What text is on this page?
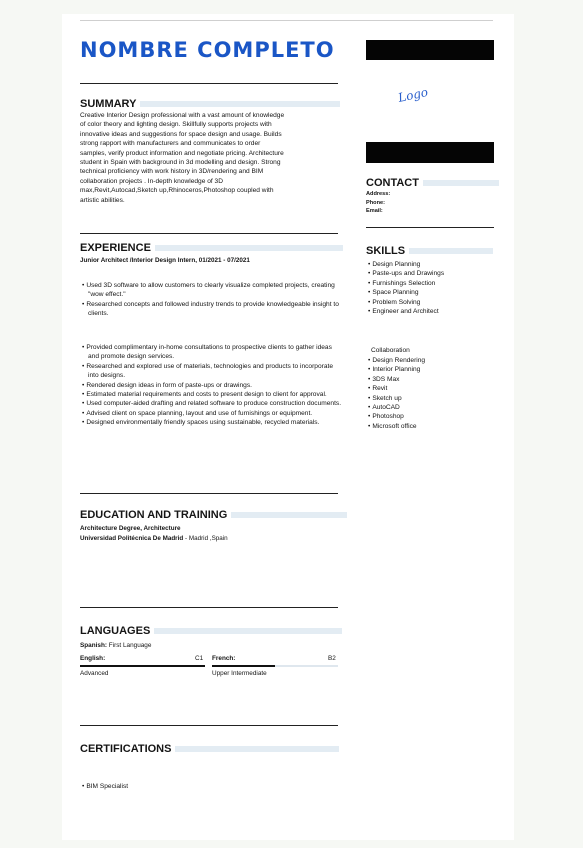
NOMBRE COMPLETO
Logo
SUMMARY
Creative Interior Design professional with a vast amount of knowledge
of color theory and lighting design. Skillfully supports projects with
innovative ideas and suggestions for space design and usage. Builds
strong rapport with manufacturers and communicates to order
samples, verify product information and negotiate pricing. Architecture
student in Spain with background in 3d modelling and design. Strong
technical proficiency with work history in 3D/rendering and BIM
collaboration projects . In-depth knowledge of 3D
max,Revit,Autocad,Sketch up,Rhinoceros,Photoshop coupled with
artistic abilities.
EXPERIENCE
Junior Architect /Interior Design Intern, 01/2021 - 07/2021
• Used 3D software to allow customers to clearly visualize completed projects, creating "wow effect."
• Researched concepts and followed industry trends to provide knowledgeable insight to clients.
• Provided complimentary in-home consultations to prospective clients to gather ideas and promote design services.
• Researched and explored use of materials, technologies and products to incorporate into designs.
• Rendered design ideas in form of paste-ups or drawings.
• Estimated material requirements and costs to present design to client for approval.
• Used computer-aided drafting and related software to produce construction documents.
• Advised client on space planning, layout and use of furnishings or equipment.
• Designed environmentally friendly spaces using sustainable, recycled materials.
EDUCATION AND TRAINING
Architecture Degree, Architecture
Universidad Politécnica De Madrid - Madrid ,Spain
LANGUAGES
Spanish: First Language
English:	C1
Advanced
French:	B2
Upper Intermediate
CERTIFICATIONS
• BIM Specialist
CONTACT
Address:
Phone:
Email:
SKILLS
• Design Planning
• Paste-ups and Drawings
• Furnishings Selection
• Space Planning
• Problem Solving
• Engineer and Architect
Collaboration
• Design Rendering
• Interior Planning
• 3DS Max
• Revit
• Sketch up
• AutoCAD
• Photoshop
• Microsoft office
